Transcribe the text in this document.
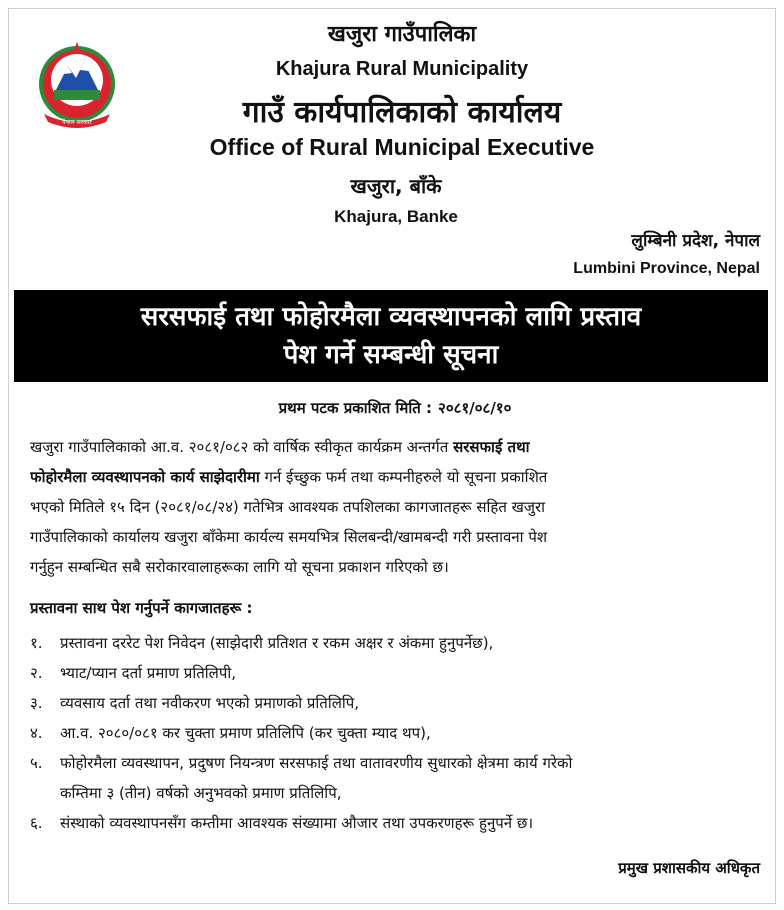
नेपाल सरकार
खजुरा गाउँपालिका
Khajura Rural Municipality
गाउँ कार्यपालिकाको कार्यालय
Office of Rural Municipal Executive
खजुरा, बाँके
Khajura, Banke
लुम्बिनी प्रदेश, नेपाल
Lumbini Province, Nepal
सरसफाई तथा फोहोरमैला व्यवस्थापनको लागि प्रस्ताव
पेश गर्ने सम्बन्धी सूचना
प्रथम पटक प्रकाशित मिति : २०८१/०८/१०
खजुरा गाउँपालिकाको आ.व. २०८१/०८२ को वार्षिक स्वीकृत कार्यक्रम अन्तर्गत सरसफाई तथा
फोहोरमैला व्यवस्थापनको कार्य साझेदारीमा गर्न ईच्छुक फर्म तथा कम्पनीहरुले यो सूचना प्रकाशित
भएको मितिले १५ दिन (२०८१/०८/२४) गतेभित्र आवश्यक तपशिलका कागजातहरू सहित खजुरा
गाउँपालिकाको कार्यालय खजुरा बाँकेमा कार्यल्य समयभित्र सिलबन्दी/खामबन्दी गरी प्रस्तावना पेश
गर्नुहुन सम्बन्धित सबै सरोकारवालाहरूका लागि यो सूचना प्रकाशन गरिएको छ।
प्रस्तावना साथ पेश गर्नुपर्ने कागजातहरू :
१. प्रस्तावना दररेट पेश निवेदन (साझेदारी प्रतिशत र रकम अक्षर र अंकमा हुनुपर्नेछ),
२. भ्याट/प्यान दर्ता प्रमाण प्रतिलिपी,
३. व्यवसाय दर्ता तथा नवीकरण भएको प्रमाणको प्रतिलिपि,
४. आ.व. २०८०/०८१ कर चुक्ता प्रमाण प्रतिलिपि (कर चुक्ता म्याद थप),
५. फोहोरमैला व्यवस्थापन, प्रदुषण नियन्त्रण सरसफाई तथा वातावरणीय सुधारको क्षेत्रमा कार्य गरेको
कम्तिमा ३ (तीन) वर्षको अनुभवको प्रमाण प्रतिलिपि,
६. संस्थाको व्यवस्थापनसँग कम्तीमा आवश्यक संख्यामा औजार तथा उपकरणहरू हुनुपर्ने छ।
प्रमुख प्रशासकीय अधिकृत
